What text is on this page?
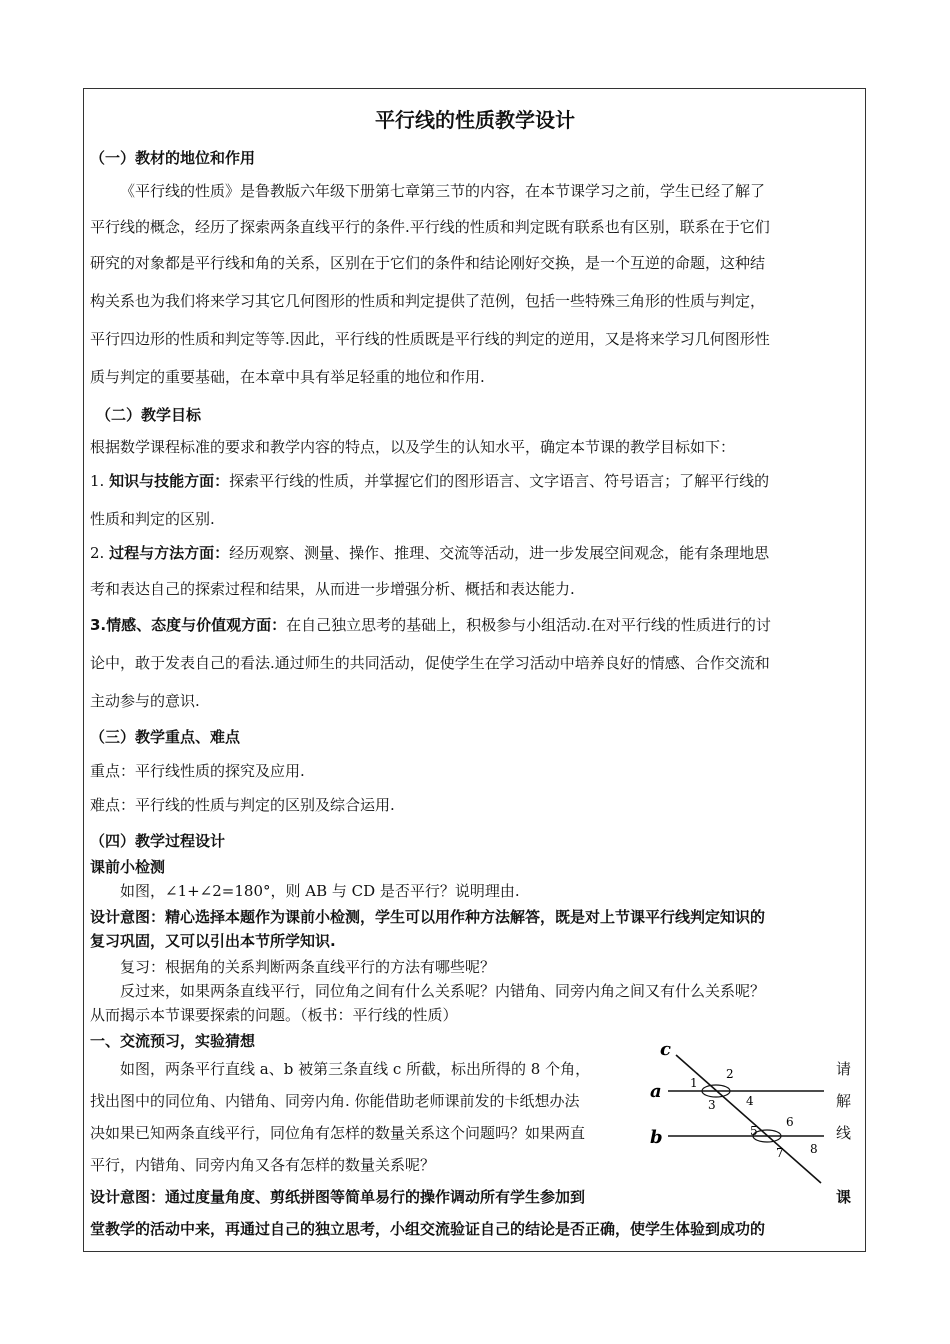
平行线的性质教学设计
（一）教材的地位和作用
《平行线的性质》是鲁教版六年级下册第七章第三节的内容，在本节课学习之前，学生已经了解了
平行线的概念，经历了探索两条直线平行的条件.平行线的性质和判定既有联系也有区别，联系在于它们
研究的对象都是平行线和角的关系，区别在于它们的条件和结论刚好交换，是一个互逆的命题，这种结
构关系也为我们将来学习其它几何图形的性质和判定提供了范例，包括一些特殊三角形的性质与判定，
平行四边形的性质和判定等等.因此，平行线的性质既是平行线的判定的逆用，又是将来学习几何图形性
质与判定的重要基础，在本章中具有举足轻重的地位和作用.
（二）教学目标
根据数学课程标准的要求和教学内容的特点，以及学生的认知水平，确定本节课的教学目标如下：
1. 知识与技能方面：探索平行线的性质，并掌握它们的图形语言、文字语言、符号语言；了解平行线的
性质和判定的区别.
2. 过程与方法方面：经历观察、测量、操作、推理、交流等活动，进一步发展空间观念，能有条理地思
考和表达自己的探索过程和结果，从而进一步增强分析、概括和表达能力.
3.情感、态度与价值观方面：在自己独立思考的基础上，积极参与小组活动.在对平行线的性质进行的讨
论中，敢于发表自己的看法.通过师生的共同活动，促使学生在学习活动中培养良好的情感、合作交流和
主动参与的意识.
（三）教学重点、难点
重点：平行线性质的探究及应用.
难点：平行线的性质与判定的区别及综合运用.
（四）教学过程设计
课前小检测
如图，∠1+∠2=180°，则 AB 与 CD 是否平行？说明理由.
设计意图：精心选择本题作为课前小检测，学生可以用作种方法解答，既是对上节课平行线判定知识的
复习巩固，又可以引出本节所学知识.
复习：根据角的关系判断两条直线平行的方法有哪些呢？
反过来，如果两条直线平行，同位角之间有什么关系呢？内错角、同旁内角之间又有什么关系呢？
从而揭示本节课要探索的问题。（板书：平行线的性质）
一、交流预习，实验猜想
如图，两条平行直线 a、b 被第三条直线 c 所截，标出所得的 8 个角，	请
找出图中的同位角、内错角、同旁内角. 你能借助老师课前发的卡纸想办法	解
决如果已知两条直线平行，同位角有怎样的数量关系这个问题吗？如果两直	线
平行，内错角、同旁内角又各有怎样的数量关系呢？
设计意图：通过度量角度、剪纸拼图等简单易行的操作调动所有学生参加到	课
堂教学的活动中来，再通过自己的独立思考，小组交流验证自己的结论是否正确，使学生体验到成功的
c
a
b
1
2
3	4
5
6
7 8
